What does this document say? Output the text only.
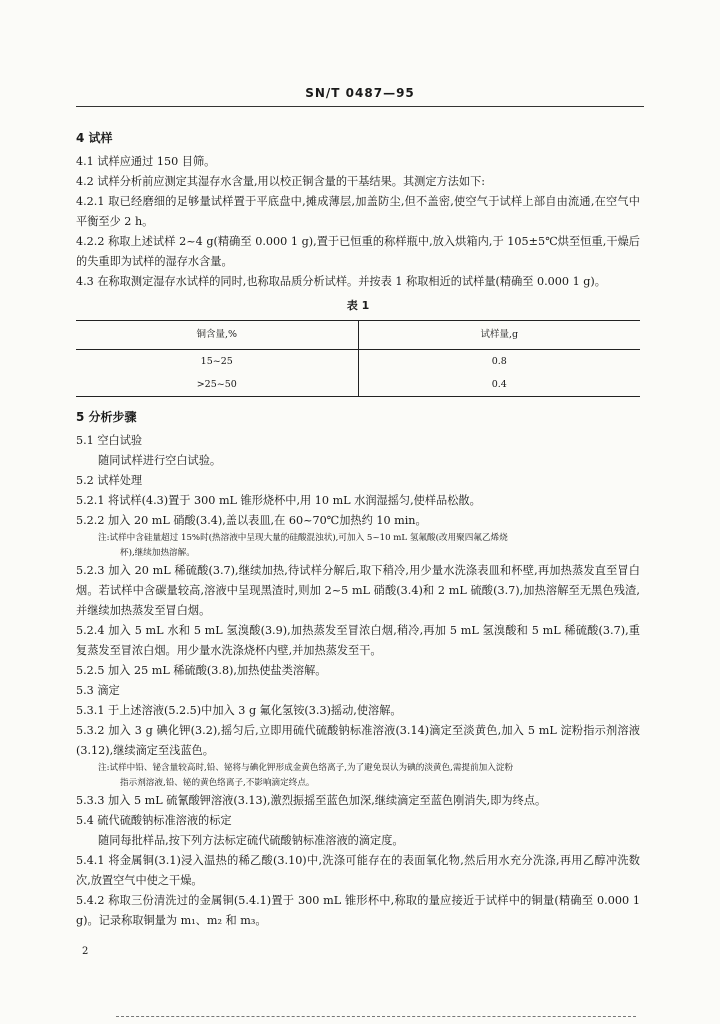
SN/T 0487—95
4 试样
4.1 试样应通过 150 目筛。
4.2 试样分析前应测定其湿存水含量,用以校正铜含量的干基结果。其测定方法如下:
4.2.1 取已经磨细的足够量试样置于平底盘中,摊成薄层,加盖防尘,但不盖密,使空气于试样上部自由流通,在空气中平衡至少 2 h。
4.2.2 称取上述试样 2~4 g(精确至 0.000 1 g),置于已恒重的称样瓶中,放入烘箱内,于 105±5℃烘至恒重,干燥后的失重即为试样的湿存水含量。
4.3 在称取测定湿存水试样的同时,也称取品质分析试样。并按表 1 称取相近的试样量(精确至 0.000 1 g)。
表 1
铜含量,%	试样量,g
15~25	0.8
>25~50	0.4
5 分析步骤
5.1 空白试验
随同试样进行空白试验。
5.2 试样处理
5.2.1 将试样(4.3)置于 300 mL 锥形烧杯中,用 10 mL 水润湿摇匀,使样品松散。
5.2.2 加入 20 mL 硝酸(3.4),盖以表皿,在 60~70℃加热约 10 min。
注:试样中含硅量超过 15%时(热溶液中呈现大量的硅酸混浊状),可加入 5~10 mL 氢氟酸(改用聚四氟乙烯烧
杯),继续加热溶解。
5.2.3 加入 20 mL 稀硫酸(3.7),继续加热,待试样分解后,取下稍冷,用少量水洗涤表皿和杯壁,再加热蒸发直至冒白烟。若试样中含碳量较高,溶液中呈现黑渣时,则加 2~5 mL 硝酸(3.4)和 2 mL 硫酸(3.7),加热溶解至无黑色残渣,并继续加热蒸发至冒白烟。
5.2.4 加入 5 mL 水和 5 mL 氢溴酸(3.9),加热蒸发至冒浓白烟,稍冷,再加 5 mL 氢溴酸和 5 mL 稀硫酸(3.7),重复蒸发至冒浓白烟。用少量水洗涤烧杯内壁,并加热蒸发至干。
5.2.5 加入 25 mL 稀硫酸(3.8),加热使盐类溶解。
5.3 滴定
5.3.1 于上述溶液(5.2.5)中加入 3 g 氟化氢铵(3.3)摇动,使溶解。
5.3.2 加入 3 g 碘化钾(3.2),摇匀后,立即用硫代硫酸钠标准溶液(3.14)滴定至淡黄色,加入 5 mL 淀粉指示剂溶液(3.12),继续滴定至浅蓝色。
注:试样中铅、铋含量较高时,铅、铋将与碘化钾形成金黄色络离子,为了避免误认为碘的淡黄色,需提前加入淀粉
指示剂溶液,铅、铋的黄色络离子,不影响滴定终点。
5.3.3 加入 5 mL 硫氰酸钾溶液(3.13),激烈振摇至蓝色加深,继续滴定至蓝色刚消失,即为终点。
5.4 硫代硫酸钠标准溶液的标定
随同每批样品,按下列方法标定硫代硫酸钠标准溶液的滴定度。
5.4.1 将金属铜(3.1)浸入温热的稀乙酸(3.10)中,洗涤可能存在的表面氧化物,然后用水充分洗涤,再用乙醇冲洗数次,放置空气中使之干燥。
5.4.2 称取三份清洗过的金属铜(5.4.1)置于 300 mL 锥形杯中,称取的量应接近于试样中的铜量(精确至 0.000 1 g)。记录称取铜量为 m₁、m₂ 和 m₃。
2
